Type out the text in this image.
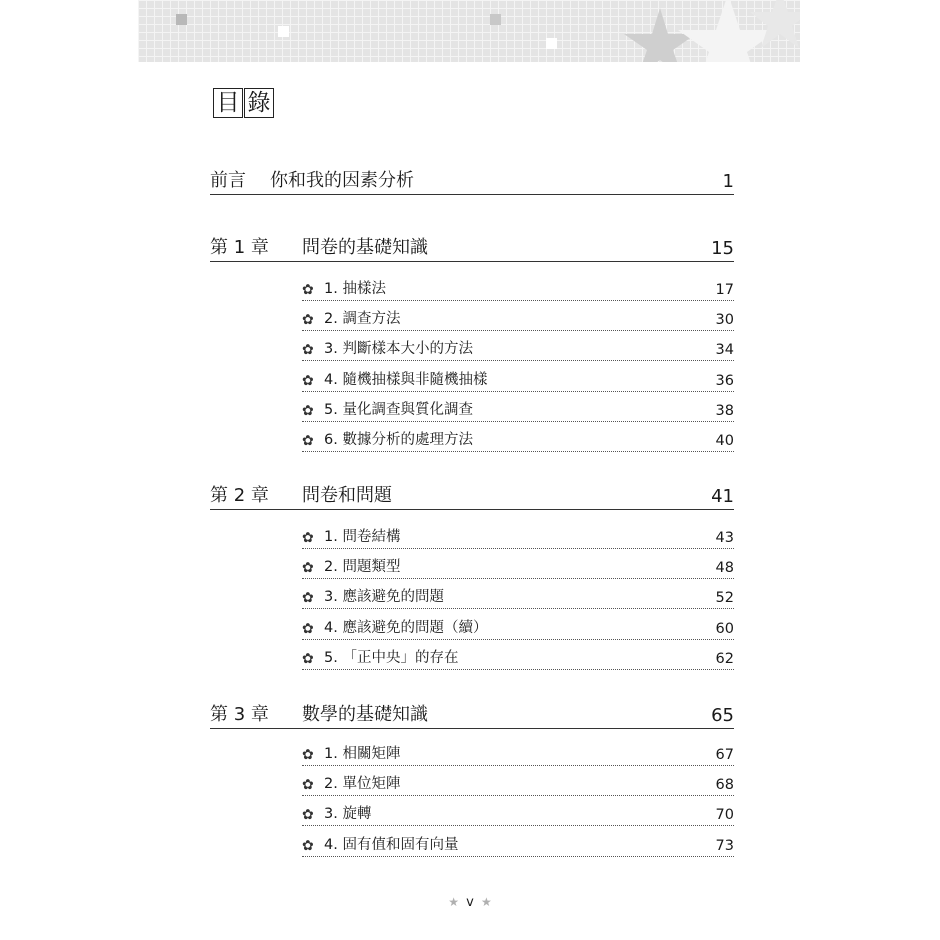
目 錄
前言	你和我的因素分析	1
第 1 章	問卷的基礎知識	15
✿ 1. 抽樣法	17
✿ 2. 調查方法	30
✿ 3. 判斷樣本大小的方法	34
✿ 4. 隨機抽樣與非隨機抽樣	36
✿ 5. 量化調查與質化調查	38
✿ 6. 數據分析的處理方法	40
第 2 章	問卷和問題	41
✿ 1. 問卷結構	43
✿ 2. 問題類型	48
✿ 3. 應該避免的問題	52
✿ 4. 應該避免的問題（續）	60
✿ 5. 「正中央」的存在	62
第 3 章	數學的基礎知識	65
✿ 1. 相關矩陣	67
✿ 2. 單位矩陣	68
✿ 3. 旋轉	70
✿ 4. 固有值和固有向量	73
★ v ★
